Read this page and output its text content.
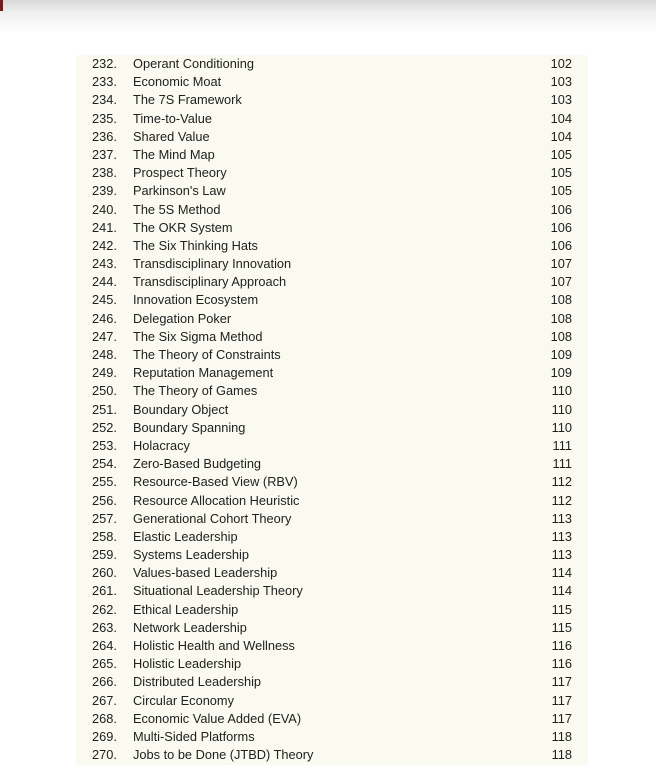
232.	Operant Conditioning	102
233.	Economic Moat	103
234.	The 7S Framework	103
235.	Time-to-Value	104
236.	Shared Value	104
237.	The Mind Map	105
238.	Prospect Theory	105
239.	Parkinson's Law	105
240.	The 5S Method	106
241.	The OKR System	106
242.	The Six Thinking Hats	106
243.	Transdisciplinary Innovation	107
244.	Transdisciplinary Approach	107
245.	Innovation Ecosystem	108
246.	Delegation Poker	108
247.	The Six Sigma Method	108
248.	The Theory of Constraints	109
249.	Reputation Management	109
250.	The Theory of Games	110
251.	Boundary Object	110
252.	Boundary Spanning	110
253.	Holacracy	111
254.	Zero-Based Budgeting	111
255.	Resource-Based View (RBV)	112
256.	Resource Allocation Heuristic	112
257.	Generational Cohort Theory	113
258.	Elastic Leadership	113
259.	Systems Leadership	113
260.	Values-based Leadership	114
261.	Situational Leadership Theory	114
262.	Ethical Leadership	115
263.	Network Leadership	115
264.	Holistic Health and Wellness	116
265.	Holistic Leadership	116
266.	Distributed Leadership	117
267.	Circular Economy	117
268.	Economic Value Added (EVA)	117
269.	Multi-Sided Platforms	118
270.	Jobs to be Done (JTBD) Theory	118
